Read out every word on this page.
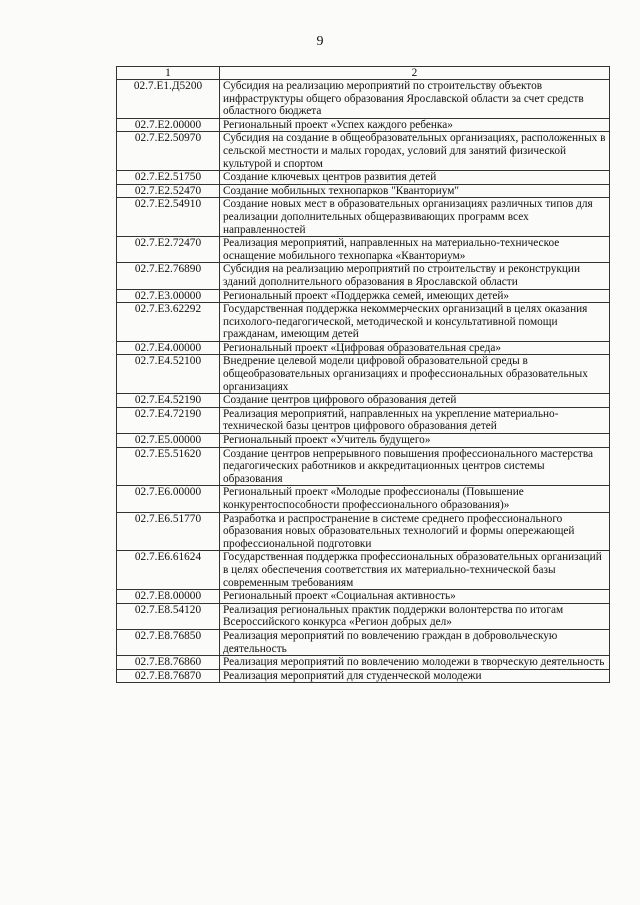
9
1	2
02.7.E1.Д5200	Субсидия на реализацию мероприятий по строительству объектов инфраструктуры общего образования Ярославской области за счет средств областного бюджета
02.7.E2.00000	Региональный проект «Успех каждого ребенка»
02.7.E2.50970	Субсидия на создание в общеобразовательных организациях, расположенных в сельской местности и малых городах, условий для занятий физической культурой и спортом
02.7.E2.51750	Создание ключевых центров развития детей
02.7.E2.52470	Создание мобильных технопарков "Кванториум"
02.7.E2.54910	Создание новых мест в образовательных организациях различных типов для реализации дополнительных общеразвивающих программ всех направленностей
02.7.E2.72470	Реализация мероприятий, направленных на материально-техническое оснащение мобильного технопарка «Кванториум»
02.7.E2.76890	Субсидия на реализацию мероприятий по строительству и реконструкции зданий дополнительного образования в Ярославской области
02.7.E3.00000	Региональный проект «Поддержка семей, имеющих детей»
02.7.E3.62292	Государственная поддержка некоммерческих организаций в целях оказания психолого-педагогической, методической и консультативной помощи гражданам, имеющим детей
02.7.E4.00000	Региональный проект «Цифровая образовательная среда»
02.7.E4.52100	Внедрение целевой модели цифровой образовательной среды в общеобразовательных организациях и профессиональных образовательных организациях
02.7.E4.52190	Создание центров цифрового образования детей
02.7.E4.72190	Реализация мероприятий, направленных на укрепление материально-технической базы центров цифрового образования детей
02.7.E5.00000	Региональный проект «Учитель будущего»
02.7.E5.51620	Создание центров непрерывного повышения профессионального мастерства педагогических работников и аккредитационных центров системы образования
02.7.E6.00000	Региональный проект «Молодые профессионалы (Повышение конкурентоспособности профессионального образования)»
02.7.E6.51770	Разработка и распространение в системе среднего профессионального образования новых образовательных технологий и формы опережающей профессиональной подготовки
02.7.E6.61624	Государственная поддержка профессиональных образовательных организаций в целях обеспечения соответствия их материально-технической базы современным требованиям
02.7.E8.00000	Региональный проект «Социальная активность»
02.7.E8.54120	Реализация региональных практик поддержки волонтерства по итогам Всероссийского конкурса «Регион добрых дел»
02.7.E8.76850	Реализация мероприятий по вовлечению граждан в добровольческую деятельность
02.7.E8.76860	Реализация мероприятий по вовлечению молодежи в творческую деятельность
02.7.E8.76870	Реализация мероприятий для студенческой молодежи
